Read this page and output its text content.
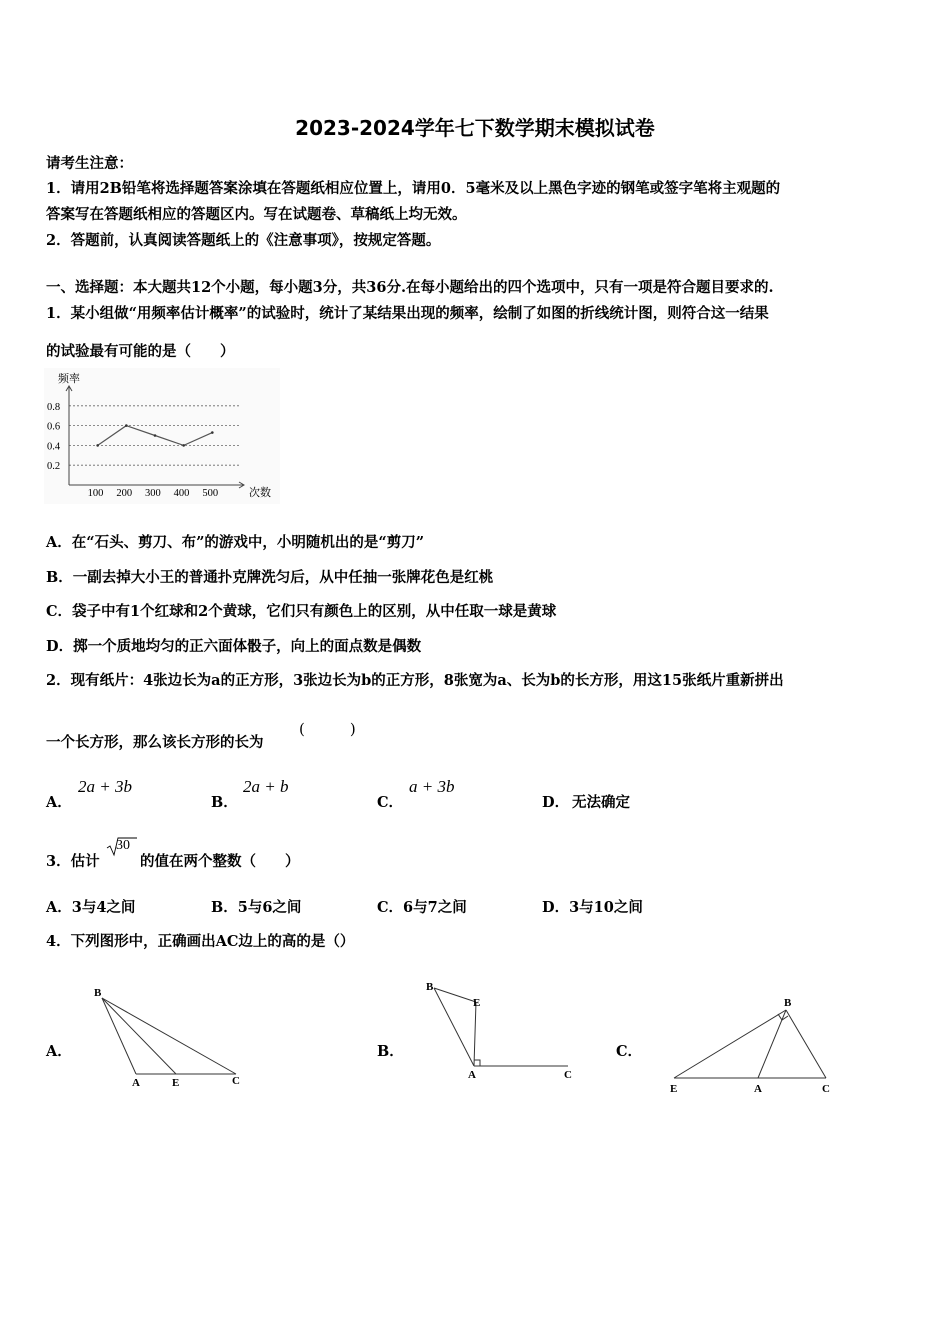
2023-2024学年七下数学期末模拟试卷
请考生注意：
1．请用2B铅笔将选择题答案涂填在答题纸相应位置上，请用0．5毫米及以上黑色字迹的钢笔或签字笔将主观题的
答案写在答题纸相应的答题区内。写在试题卷、草稿纸上均无效。
2．答题前，认真阅读答题纸上的《注意事项》，按规定答题。
一、选择题：本大题共12个小题，每小题3分，共36分.在每小题给出的四个选项中，只有一项是符合题目要求的.
1．某小组做“用频率估计概率”的试验时，统计了某结果出现的频率，绘制了如图的折线统计图，则符合这一结果
的试验最有可能的是（　　）
频率
次数
0.2
0.4
0.6
0.8
100 200 300 400 500
A．在“石头、剪刀、布”的游戏中，小明随机出的是“剪刀”
B．一副去掉大小王的普通扑克牌洗匀后，从中任抽一张牌花色是红桃
C．袋子中有1个红球和2个黄球，它们只有颜色上的区别，从中任取一球是黄球
D．掷一个质地均匀的正六面体骰子，向上的面点数是偶数
2．现有纸片：4张边长为a的正方形，3张边长为b的正方形，8张宽为a、长为b的长方形，用这15张纸片重新拼出
一个长方形，那么该长方形的长为
(　　　)
A．
2a + 3b
B．
2a + b
C．
a + 3b
D． 无法确定
3．估计
30
的值在两个整数（　　）
A．3与4之间	B．5与6之间	C．6与7之间	D．3与10之间
4．下列图形中，正确画出AC边上的高的是（）
A．
B
A	E	C
B．
B
E
A	C
C．
E	A	C
B
